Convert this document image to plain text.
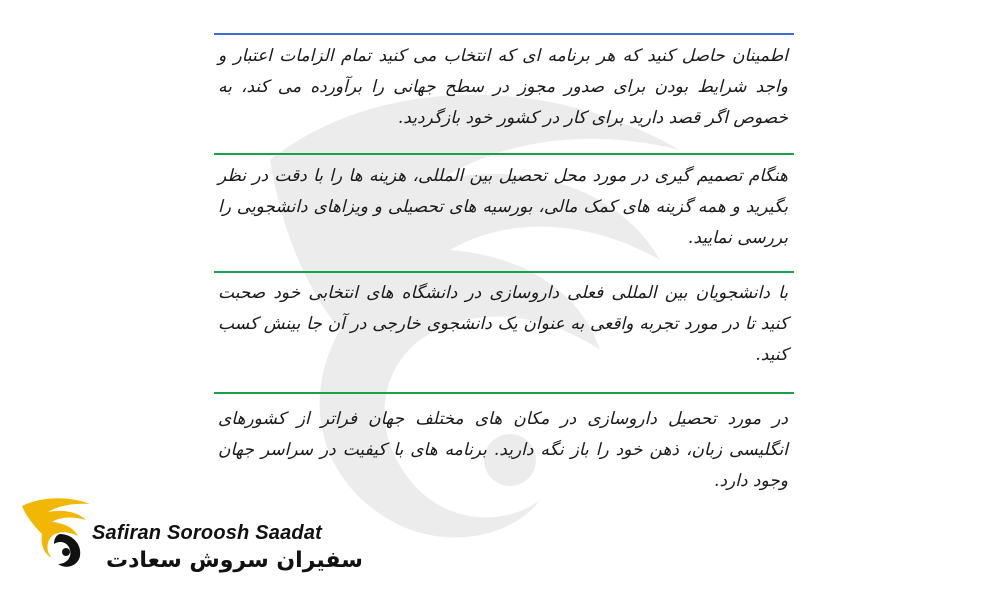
اطمینان حاصل کنید که هر برنامه ای که انتخاب می کنید تمام الزامات اعتبار و واجد شرایط بودن برای صدور مجوز در سطح جهانی را برآورده می کند، به خصوص اگر قصد دارید برای کار در کشور خود بازگردید.

هنگام تصمیم گیری در مورد محل تحصیل بین المللی، هزینه ها را با دقت در نظر بگیرید و همه گزینه های کمک مالی، بورسیه های تحصیلی و ویزاهای دانشجویی را بررسی نمایید.

با دانشجویان بین المللی فعلی داروسازی در دانشگاه های انتخابی خود صحبت کنید تا در مورد تجربه واقعی به عنوان یک دانشجوی خارجی در آن جا بینش کسب کنید.

در مورد تحصیل داروسازی در مکان های مختلف جهان فراتر از کشورهای انگلیسی زبان، ذهن خود را باز نگه دارید. برنامه های با کیفیت در سراسر جهان وجود دارد.

Safiran Soroosh Saadat
سفیران سروش سعادت
